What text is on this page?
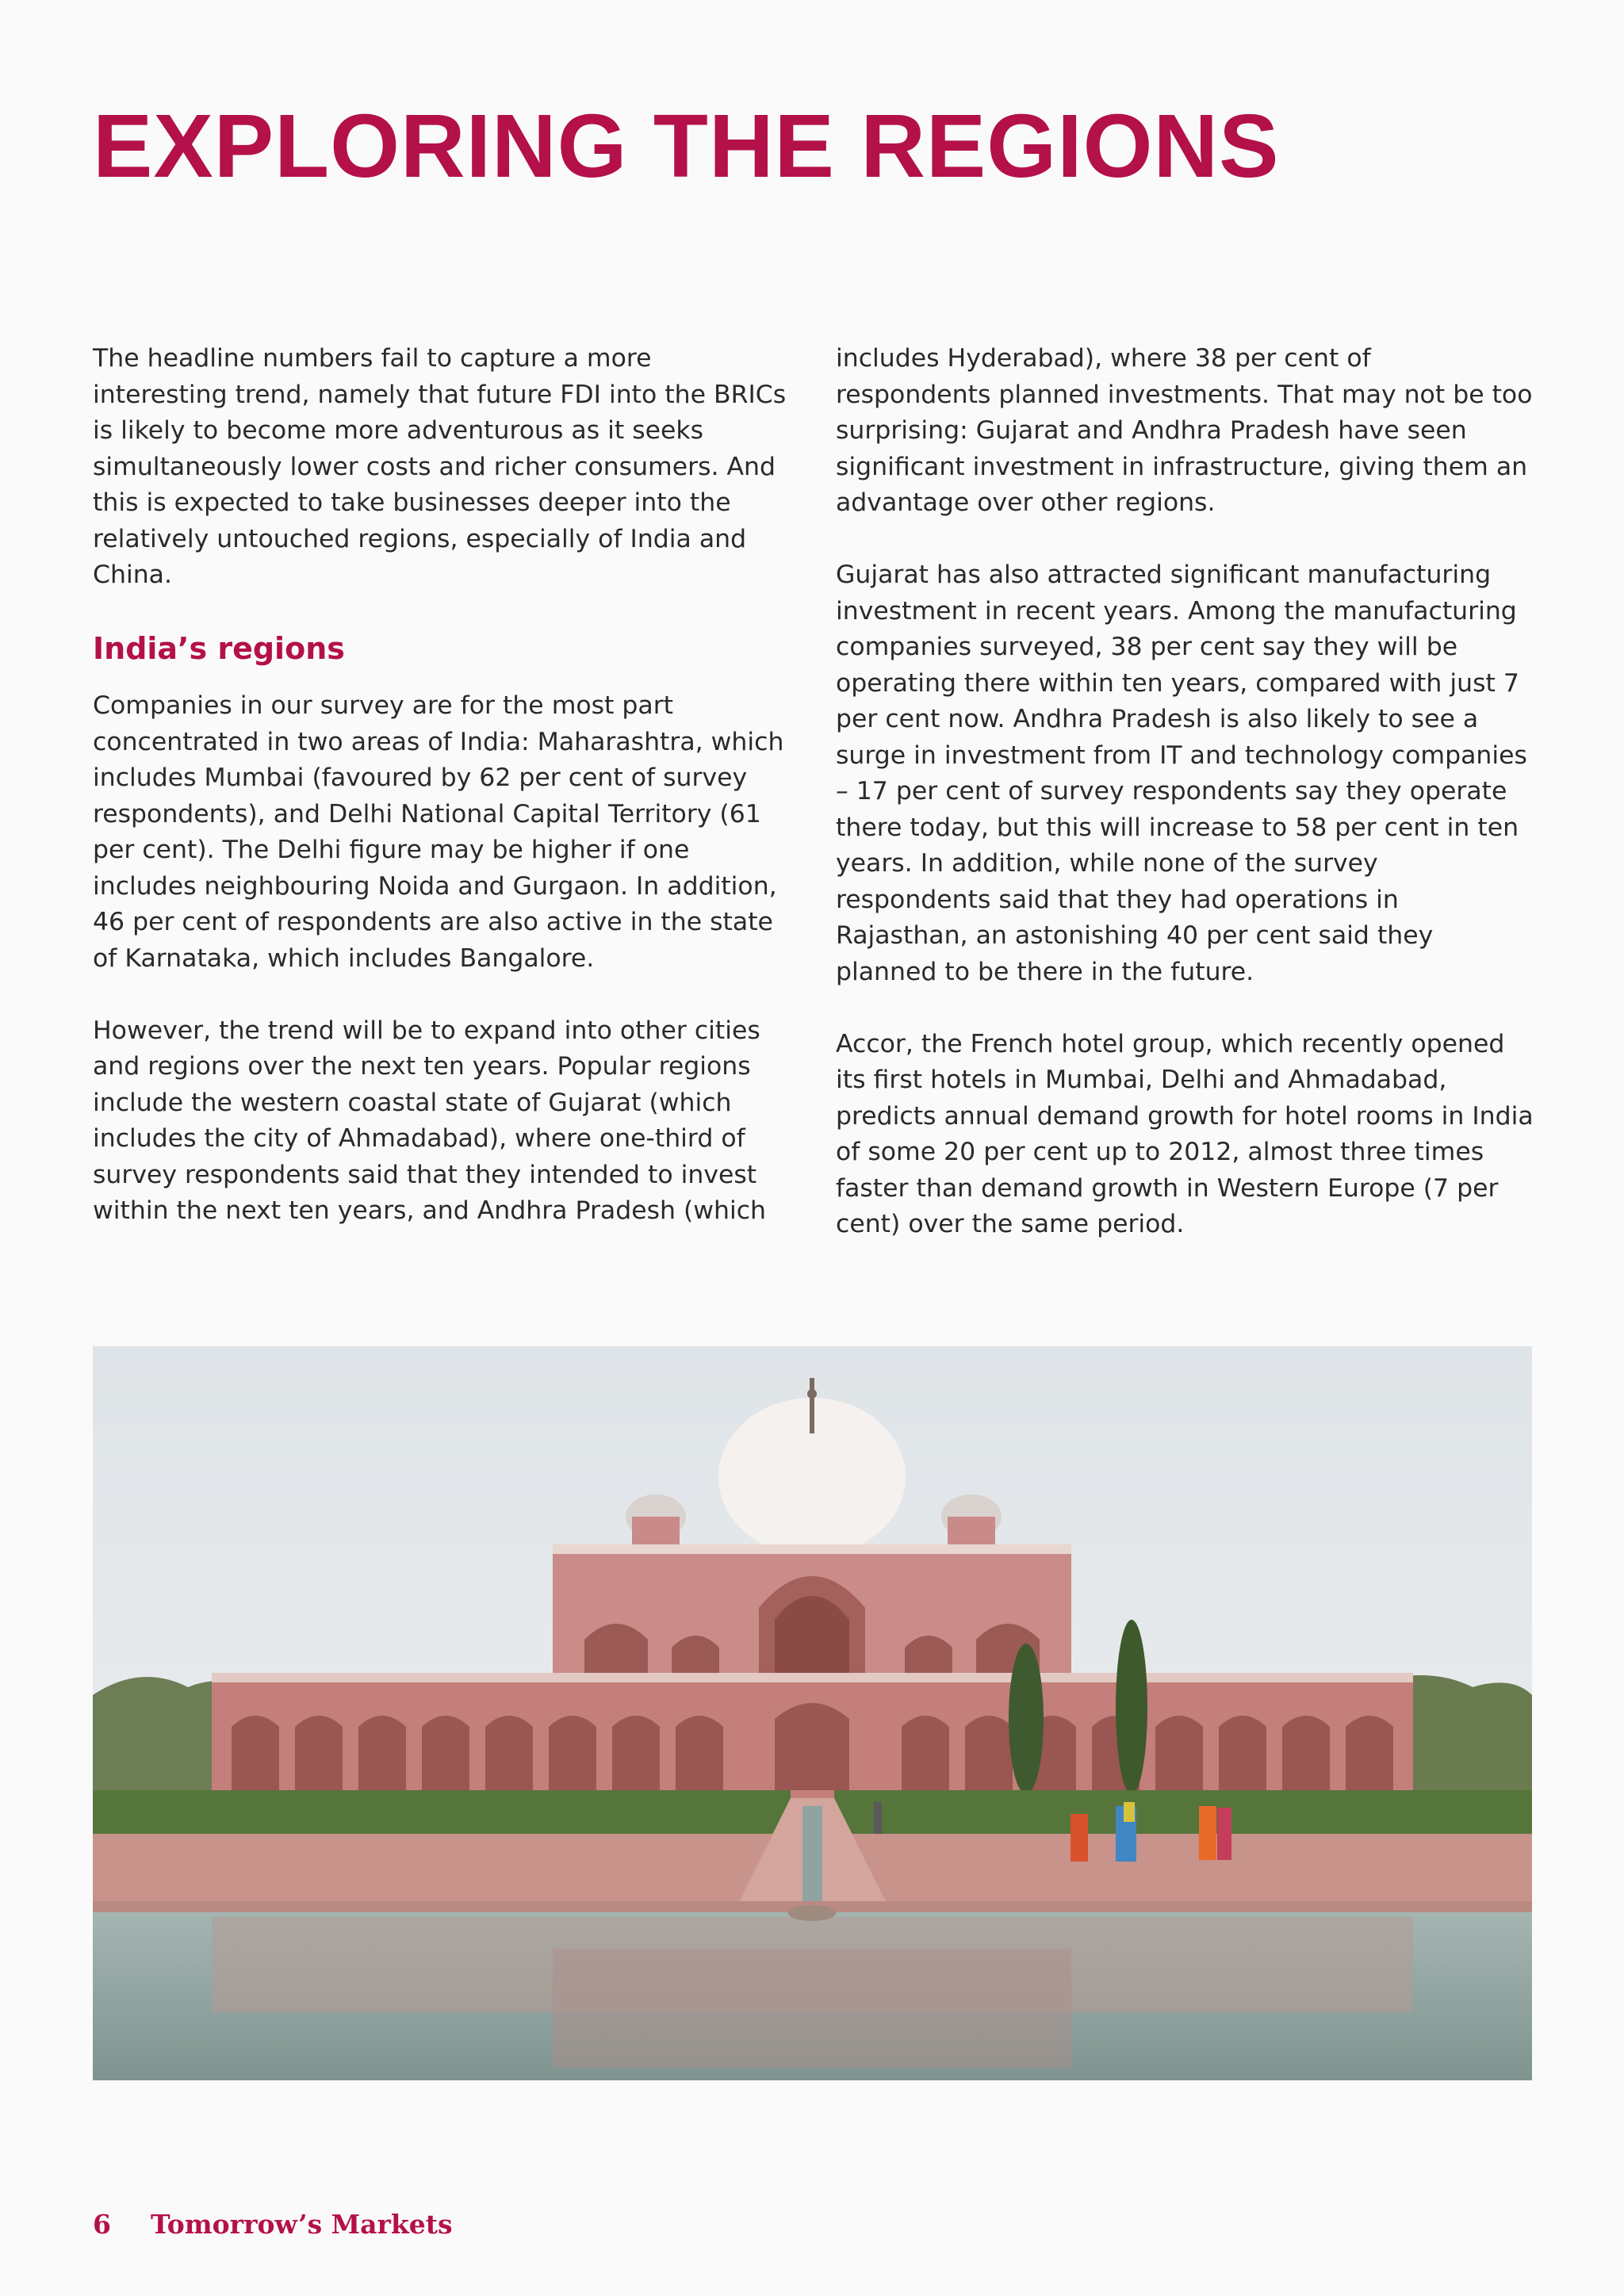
EXPLORING THE REGIONS

The headline numbers fail to capture a more interesting trend, namely that future FDI into the BRICs is likely to become more adventurous as it seeks simultaneously lower costs and richer consumers. And this is expected to take businesses deeper into the relatively untouched regions, especially of India and China.

India’s regions

Companies in our survey are for the most part concentrated in two areas of India: Maharashtra, which includes Mumbai (favoured by 62 per cent of survey respondents), and Delhi National Capital Territory (61 per cent). The Delhi figure may be higher if one includes neighbouring Noida and Gurgaon. In addition, 46 per cent of respondents are also active in the state of Karnataka, which includes Bangalore.

However, the trend will be to expand into other cities and regions over the next ten years. Popular regions include the western coastal state of Gujarat (which includes the city of Ahmadabad), where one-third of survey respondents said that they intended to invest within the next ten years, and Andhra Pradesh (which

includes Hyderabad), where 38 per cent of respondents planned investments. That may not be too surprising: Gujarat and Andhra Pradesh have seen significant investment in infrastructure, giving them an advantage over other regions.

Gujarat has also attracted significant manufacturing investment in recent years. Among the manufacturing companies surveyed, 38 per cent say they will be operating there within ten years, compared with just 7 per cent now. Andhra Pradesh is also likely to see a surge in investment from IT and technology companies – 17 per cent of survey respondents say they operate there today, but this will increase to 58 per cent in ten years. In addition, while none of the survey respondents said that they had operations in Rajasthan, an astonishing 40 per cent said they planned to be there in the future.

Accor, the French hotel group, which recently opened its first hotels in Mumbai, Delhi and Ahmadabad, predicts annual demand growth for hotel rooms in India of some 20 per cent up to 2012, almost three times faster than demand growth in Western Europe (7 per cent) over the same period.

6 Tomorrow’s Markets
